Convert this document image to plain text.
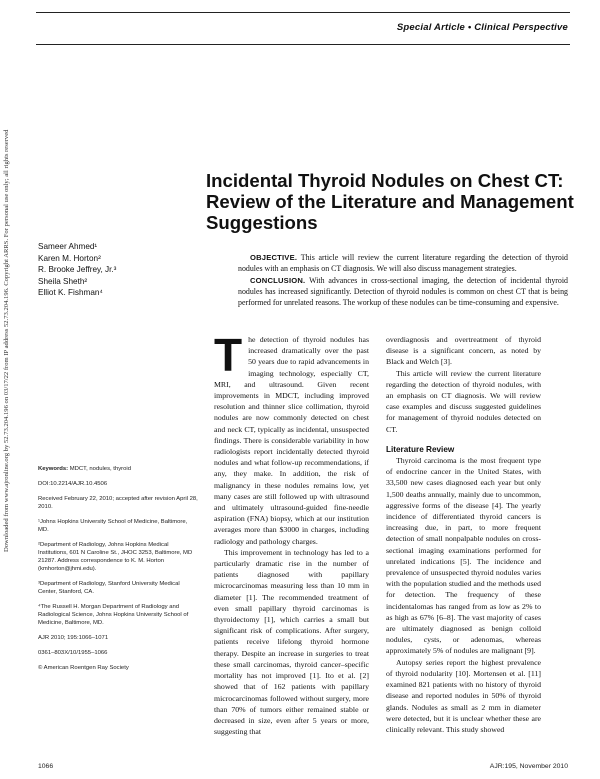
Special Article • Clinical Perspective
Downloaded from www.ajronline.org by 52.73.204.196 on 03/17/22 from IP address 52.73.204.196. Copyright ARRS. For personal use only; all rights reserved	Incidental Thyroid Nodules on Chest CT: Review of the Literature and Management Suggestions
Sameer Ahmed¹
Karen M. Horton²
R. Brooke Jeffrey, Jr.³
Sheila Sheth²
Elliot K. Fishman⁴

OBJECTIVE. This article will review the current literature regarding the detection of thyroid nodules with an emphasis on CT diagnosis. We will also discuss management strategies.

CONCLUSION. With advances in cross-sectional imaging, the detection of incidental thyroid nodules has increased significantly. Detection of thyroid nodules is common on chest CT that is being performed for unrelated reasons. The workup of these nodules can be time-consuming and expensive.

Keywords: MDCT, nodules, thyroid

DOI:10.2214/AJR.10.4506

Received February 22, 2010; accepted after revision April 28, 2010.

¹Johns Hopkins University School of Medicine, Baltimore, MD.

²Department of Radiology, Johns Hopkins Medical Institutions, 601 N Caroline St., JHOC 3253, Baltimore, MD 21287. Address correspondence to K. M. Horton (kmhorton@jhmi.edu).

³Department of Radiology, Stanford University Medical Center, Stanford, CA.

⁴The Russell H. Morgan Department of Radiology and Radiological Science, Johns Hopkins University School of Medicine, Baltimore, MD.

AJR 2010; 195:1066–1071

0361–803X/10/1955–1066

© American Roentgen Ray Society

The detection of thyroid nodules has increased dramatically over the past 50 years due to rapid advancements in imaging technology, especially CT, MRI, and ultrasound. Given recent improvements in MDCT, including improved resolution and thinner slice collimation, thyroid nodules are now commonly detected on chest and neck CT, typically as incidental, unsuspected findings. There is considerable variability in how radiologists report incidentally detected thyroid nodules and what follow-up recommendations, if any, they make. In addition, the risk of malignancy in these nodules remains low, yet many cases are still followed up with ultrasound and ultimately ultrasound-guided fine-needle aspiration (FNA) biopsy, which at our institution averages more than $3000 in charges, including radiology and pathology charges.

This improvement in technology has led to a particularly dramatic rise in the number of patients diagnosed with papillary microcarcinomas measuring less than 10 mm in diameter [1]. The recommended treatment of even small papillary thyroid carcinomas is thyroidectomy [1], which carries a small but significant risk of complications. After surgery, patients receive lifelong thyroid hormone therapy. Despite an increase in surgeries to treat these small carcinomas, thyroid cancer–specific mortality has not improved [1]. Ito et al. [2] showed that of 162 patients with papillary microcarcinomas followed without surgery, more than 70% of tumors either remained stable or decreased in size, even after 5 years or more, suggesting that

overdiagnosis and overtreatment of thyroid disease is a significant concern, as noted by Black and Welch [3].

This article will review the current literature regarding the detection of thyroid nodules, with an emphasis on CT diagnosis. We will review case examples and discuss suggested guidelines for management of thyroid nodules detected on CT.

Literature Review

Thyroid carcinoma is the most frequent type of endocrine cancer in the United States, with 33,500 new cases diagnosed each year but only 1,500 deaths annually, mainly due to uncommon, aggressive forms of the disease [4]. The yearly incidence of differentiated thyroid cancers is increasing due, in part, to more frequent detection of small nonpalpable nodules on cross-sectional imaging examinations performed for unrelated indications [5]. The incidence and prevalence of unsuspected thyroid nodules varies with the population studied and the methods used for detection. The frequency of these incidentalomas has ranged from as low as 2% to as high as 67% [6–8]. The vast majority of cases are ultimately diagnosed as benign colloid nodules, cysts, or adenomas, whereas approximately 5% of nodules are malignant [9].

Autopsy series report the highest prevalence of thyroid nodularity [10]. Mortensen et al. [11] examined 821 patients with no history of thyroid disease and reported nodules in 50% of thyroid glands. Nodules as small as 2 mm in diameter were detected, but it is unclear whether these are clinically relevant. This study showed

1066	AJR:195, November 2010
